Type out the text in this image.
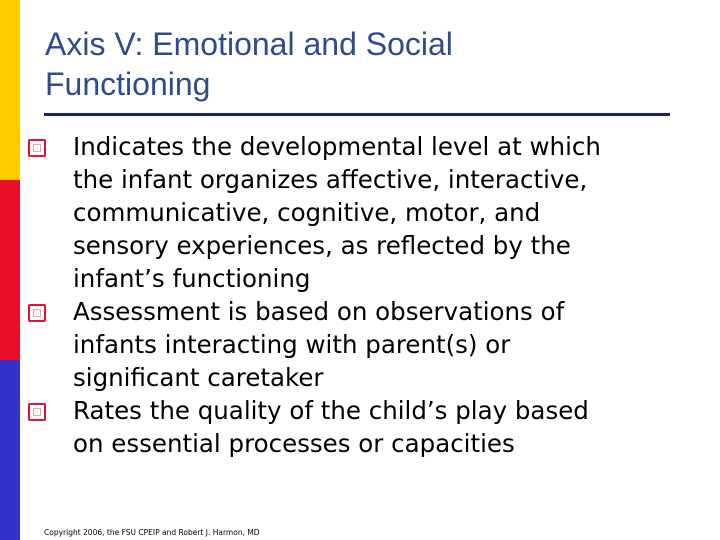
Axis V: Emotional and Social
Functioning
Indicates the developmental level at which
the infant organizes affective, interactive,
communicative, cognitive, motor, and
sensory experiences, as reflected by the
infant’s functioning
Assessment is based on observations of
infants interacting with parent(s) or
significant caretaker
Rates the quality of the child’s play based
on essential processes or capacities
Copyright 2006, the FSU CPEIP and Robert J. Harmon, MD
